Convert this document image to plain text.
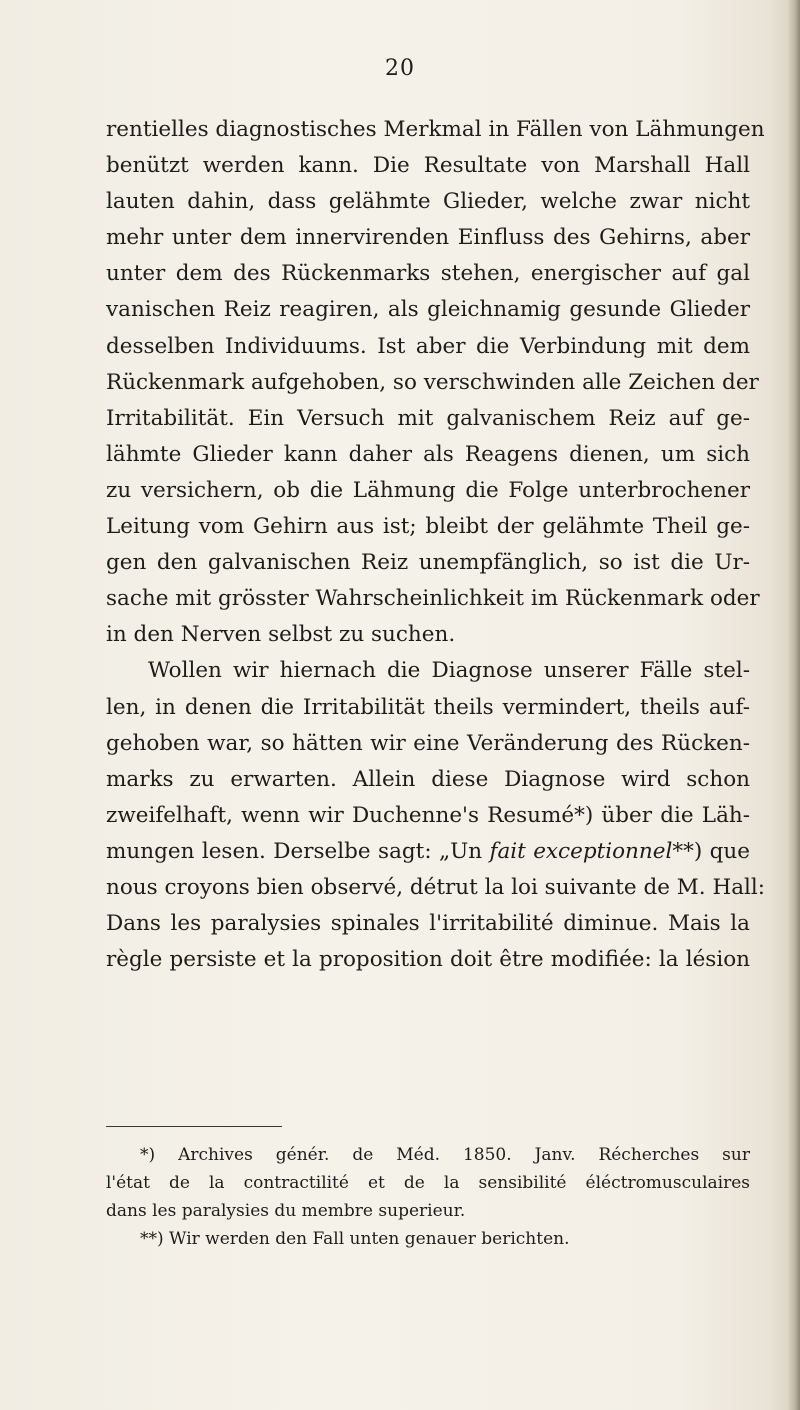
20
rentielles diagnostisches Merkmal in Fällen von Lähmungen
benützt werden kann. Die Resultate von Marshall Hall
lauten dahin, dass gelähmte Glieder, welche zwar nicht
mehr unter dem innervirenden Einfluss des Gehirns, aber
unter dem des Rückenmarks stehen, energischer auf gal
vanischen Reiz reagiren, als gleichnamig gesunde Glieder
desselben Individuums. Ist aber die Verbindung mit dem
Rückenmark aufgehoben, so verschwinden alle Zeichen der
Irritabilität. Ein Versuch mit galvanischem Reiz auf ge-
lähmte Glieder kann daher als Reagens dienen, um sich
zu versichern, ob die Lähmung die Folge unterbrochener
Leitung vom Gehirn aus ist; bleibt der gelähmte Theil ge-
gen den galvanischen Reiz unempfänglich, so ist die Ur-
sache mit grösster Wahrscheinlichkeit im Rückenmark oder
in den Nerven selbst zu suchen.
Wollen wir hiernach die Diagnose unserer Fälle stel-
len, in denen die Irritabilität theils vermindert, theils auf-
gehoben war, so hätten wir eine Veränderung des Rücken-
marks zu erwarten. Allein diese Diagnose wird schon
zweifelhaft, wenn wir Duchenne's Resumé*) über die Läh-
mungen lesen. Derselbe sagt: „Un fait exceptionnel**) que
nous croyons bien observé, détrut la loi suivante de M. Hall:
Dans les paralysies spinales l'irritabilité diminue. Mais la
règle persiste et la proposition doit être modifiée: la lésion
*) Archives génér. de Méd. 1850. Janv. Récherches sur
l'état de la contractilité et de la sensibilité éléctromusculaires
dans les paralysies du membre superieur.
**) Wir werden den Fall unten genauer berichten.
